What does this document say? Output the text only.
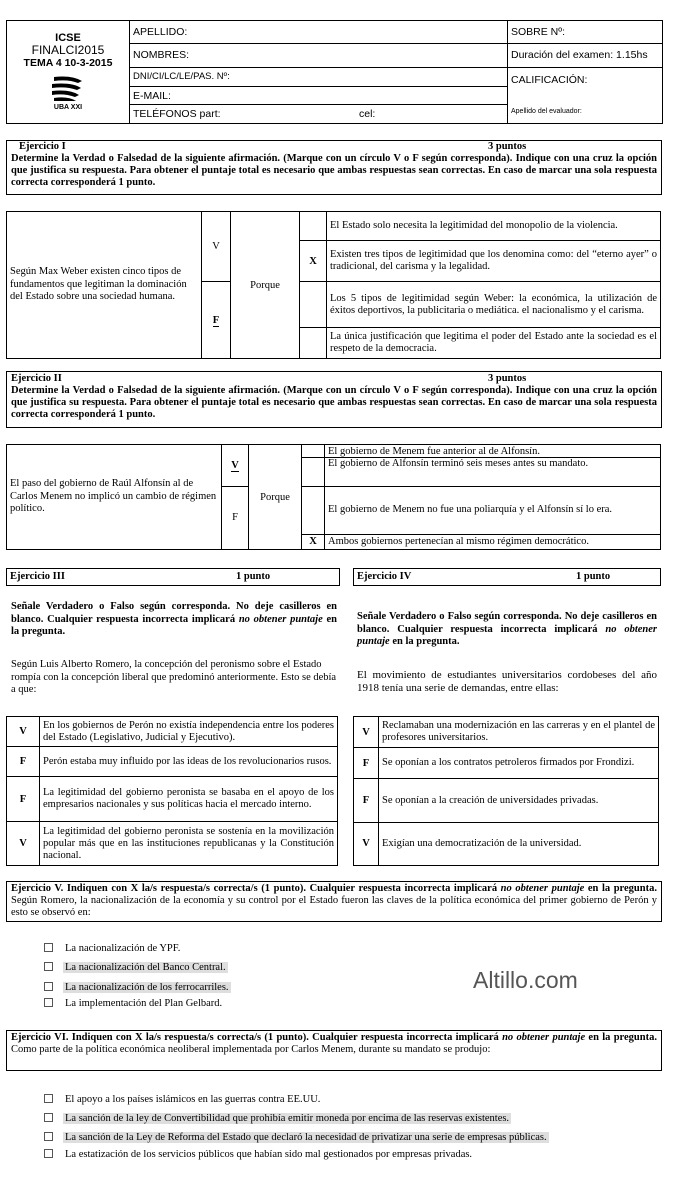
ICSE
FINALCI2015
TEMA 4 10-3-2015
UBA XXI	APELLIDO:		SOBRE Nº:
	NOMBRES:		Duración del examen: 1.15hs
	DNI/CI/LC/LE/PAS. Nº:		CALIFICACIÓN:
Apellido del evaluador:

	E-MAIL:		
	TELÉFONOS part:	cel:	
Ejercicio I	3 puntos
Determine la Verdad o Falsedad de la siguiente afirmación. (Marque con un círculo V o F según corresponda). Indique con una cruz la opción que justifica su respuesta. Para obtener el puntaje total es necesario que ambas respuestas sean correctas. En caso de marcar una sola respuesta correcta corresponderá 1 punto.
Según Max Weber existen cinco tipos de fundamentos que legitiman la dominación del Estado sobre una sociedad humana.	V	Porque		El Estado solo necesita la legitimidad del monopolio de la violencia.
			X	Existen tres tipos de legitimidad que los denomina como: del “eterno ayer” o tradicional, del carisma y la legalidad.
	F			Los 5 tipos de legitimidad según Weber: la económica, la utilización de éxitos deportivos, la publicitaria o mediática. el nacionalismo y el carisma.
				La única justificación que legitima el poder del Estado ante la sociedad es el respeto de la democracia.
Ejercicio II	3 puntos
Determine la Verdad o Falsedad de la siguiente afirmación. (Marque con un círculo V o F según corresponda). Indique con una cruz la opción que justifica su respuesta. Para obtener el puntaje total es necesario que ambas respuestas sean correctas. En caso de marcar una sola respuesta correcta corresponderá 1 punto.
El paso del gobierno de Raúl Alfonsín al de Carlos Menem no implicó un cambio de régimen político.	V	Porque		El gobierno de Menem fue anterior al de Alfonsín.
				El gobierno de Alfonsín terminó seis meses antes su mandato.
	F			El gobierno de Menem no fue una poliarquía y el Alfonsín sí lo era.
			X	Ambos gobiernos pertenecían al mismo régimen democrático.
Ejercicio III	1 punto	Ejercicio IV	1 punto
Señale Verdadero o Falso según corresponda. No deje casilleros en blanco. Cualquier respuesta incorrecta implicará no obtener puntaje en la pregunta.
Según Luis Alberto Romero, la concepción del peronismo sobre el Estado rompía con la concepción liberal que predominó anteriormente. Esto se debía a que:
Señale Verdadero o Falso según corresponda. No deje casilleros en blanco. Cualquier respuesta incorrecta implicará no obtener puntaje en la pregunta.
El movimiento de estudiantes universitarios cordobeses del año 1918 tenía una serie de demandas, entre ellas:
V	En los gobiernos de Perón no existía independencia entre los poderes del Estado (Legislativo, Judicial y Ejecutivo).
F	Perón estaba muy influido por las ideas de los revolucionarios rusos.
F	La legitimidad del gobierno peronista se basaba en el apoyo de los empresarios nacionales y sus políticas hacia el mercado interno.
V	La legitimidad del gobierno peronista se sostenía en la movilización popular más que en las instituciones republicanas y la Constitución nacional.
V	Reclamaban una modernización en las carreras y en el plantel de profesores universitarios.
F	Se oponían a los contratos petroleros firmados por Frondizi.
F	Se oponían a la creación de universidades privadas.
V	Exigían una democratización de la universidad.
Ejercicio V. Indiquen con X la/s respuesta/s correcta/s (1 punto). Cualquier respuesta incorrecta implicará no obtener puntaje en la pregunta. Según Romero, la nacionalización de la economía y su control por el Estado fueron las claves de la política económica del primer gobierno de Perón y esto se observó en:
La nacionalización de YPF.
La nacionalización del Banco Central.
La nacionalización de los ferrocarriles.
La implementación del Plan Gelbard.
Altillo.com
Ejercicio VI. Indiquen con X la/s respuesta/s correcta/s (1 punto). Cualquier respuesta incorrecta implicará no obtener puntaje en la pregunta. Como parte de la política económica neoliberal implementada por Carlos Menem, durante su mandato se produjo:
El apoyo a los países islámicos en las guerras contra EE.UU.
La sanción de la ley de Convertibilidad que prohibía emitir moneda por encima de las reservas existentes.
La sanción de la Ley de Reforma del Estado que declaró la necesidad de privatizar una serie de empresas públicas.
La estatización de los servicios públicos que habían sido mal gestionados por empresas privadas.
